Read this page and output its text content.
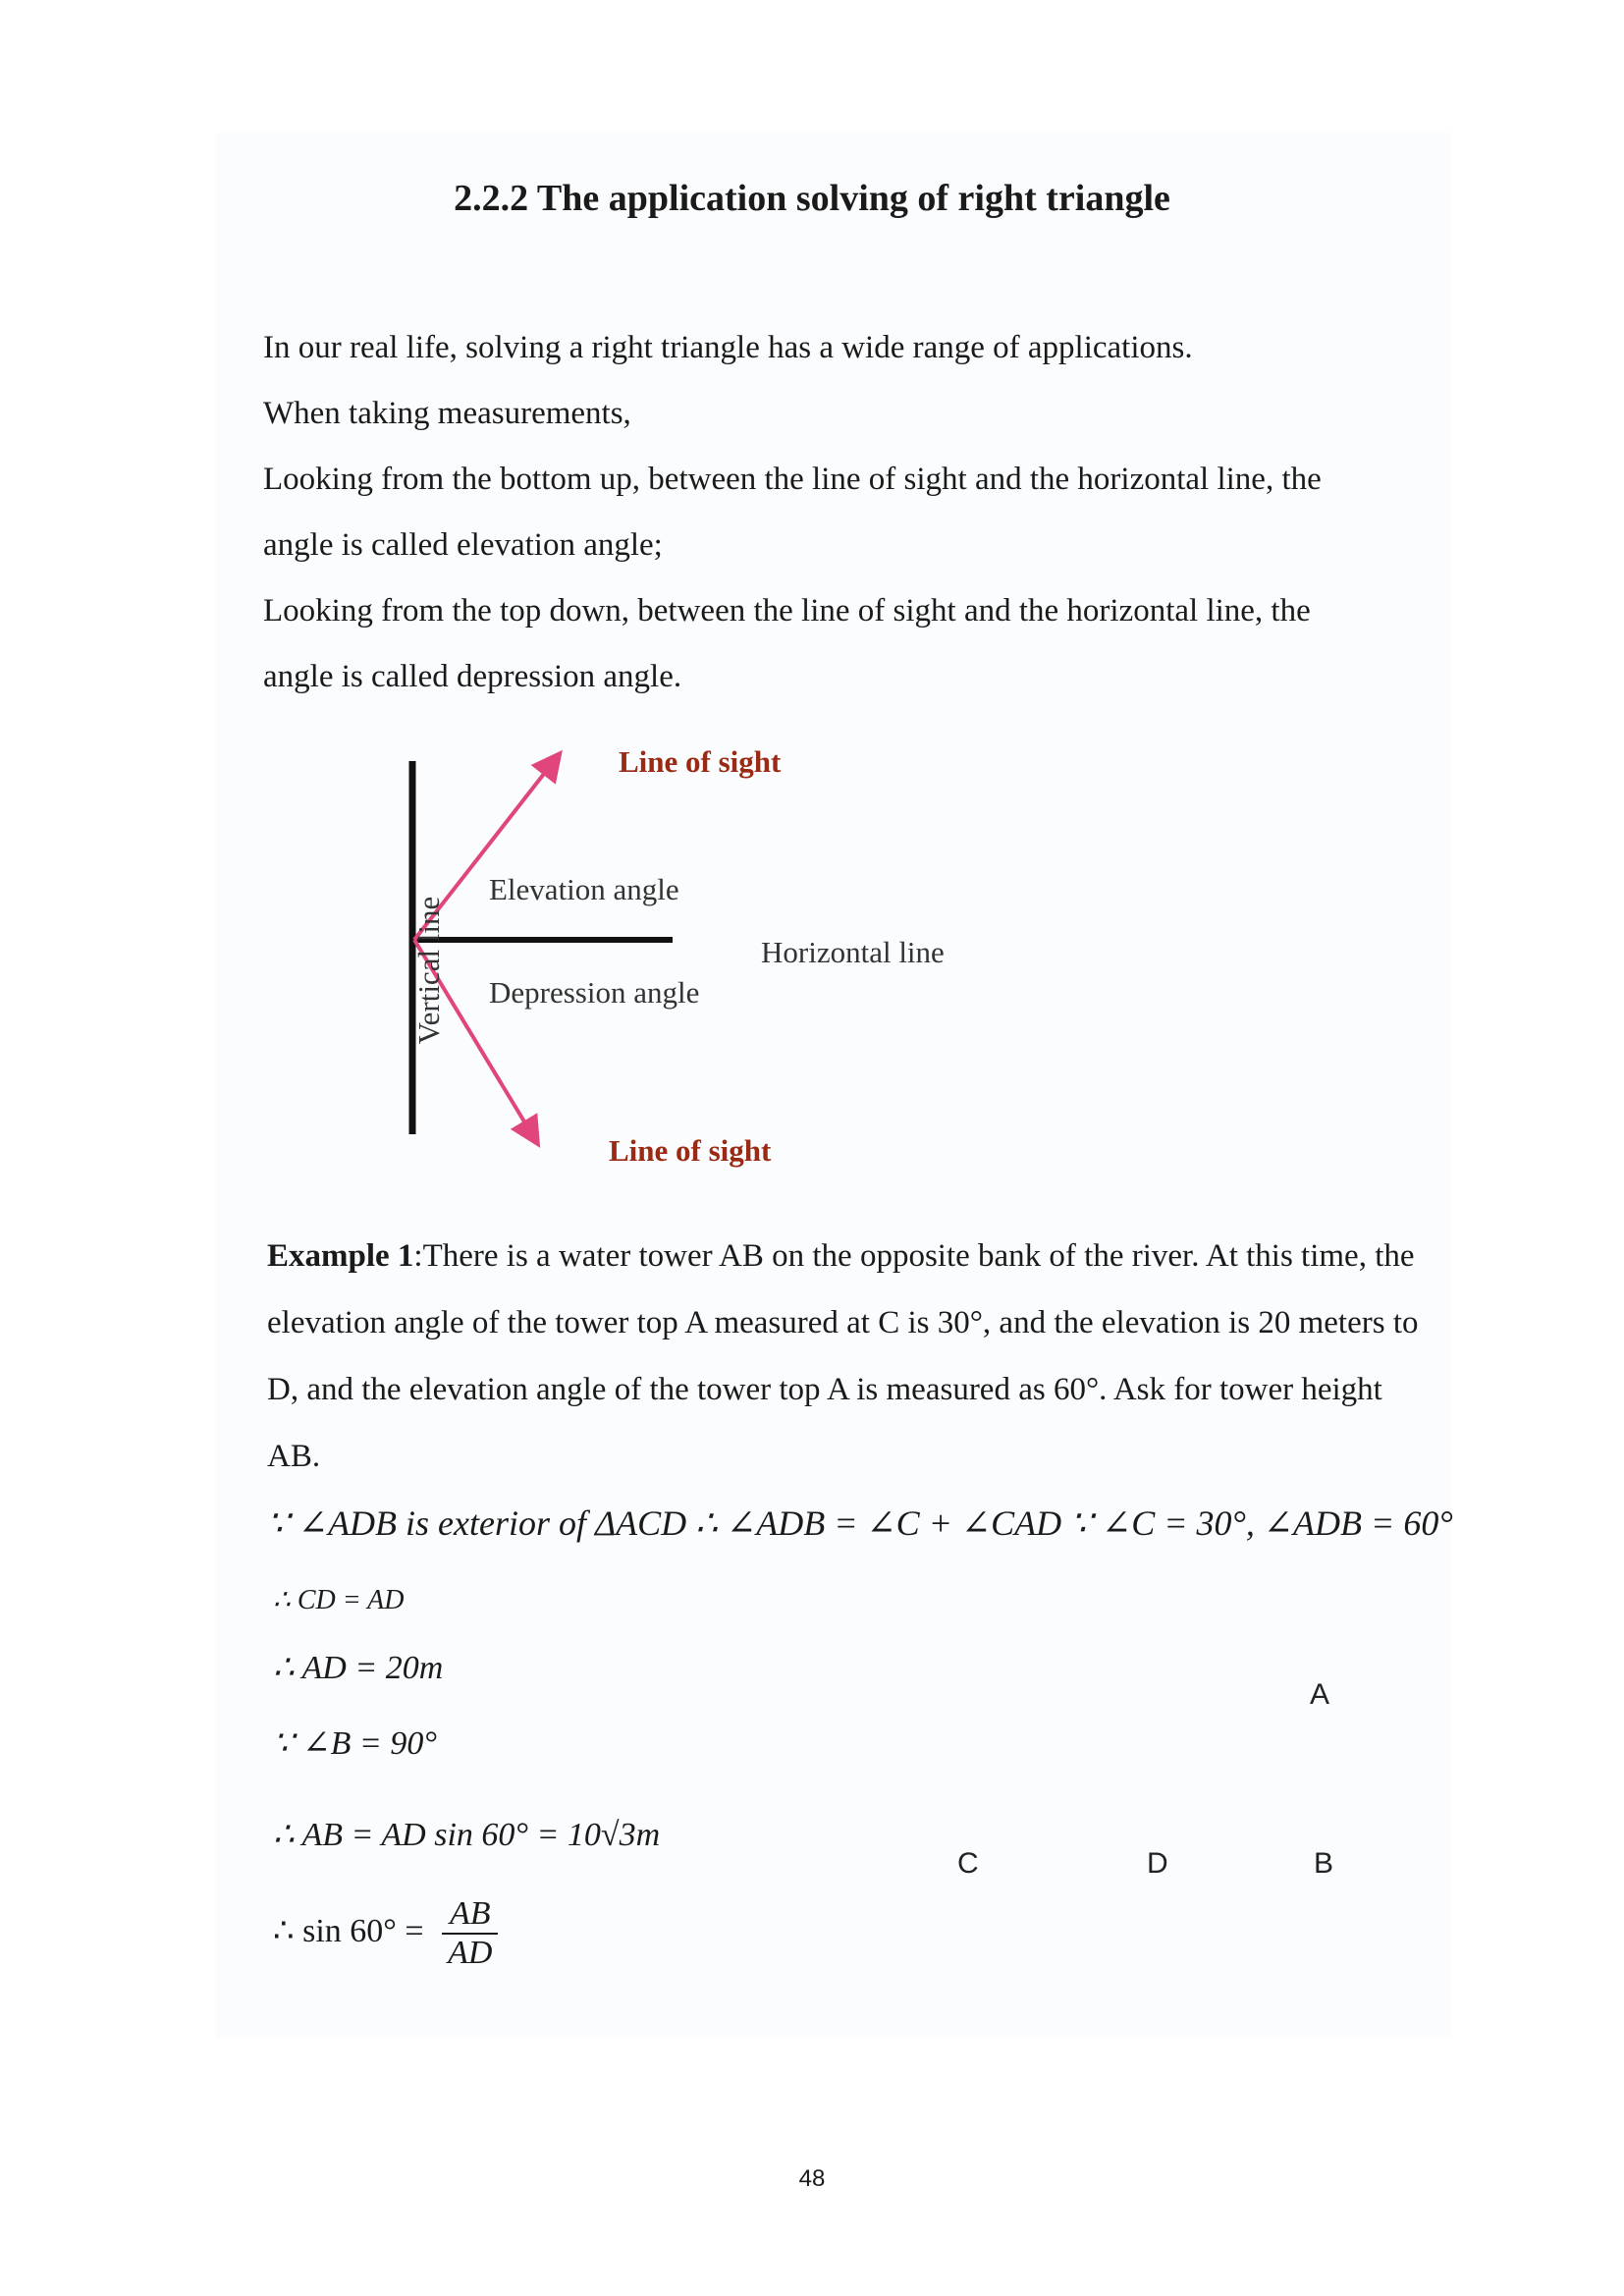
2.2.2 The application solving of right triangle
In our real life, solving a right triangle has a wide range of applications.
When taking measurements,
Looking from the bottom up, between the line of sight and the horizontal line, the
angle is called elevation angle;
Looking from the top down, between the line of sight and the horizontal line, the
angle is called depression angle.
Line of sight
Elevation angle
Horizontal line
Depression angle
Line of sight
Vertical line
Example 1:There is a water tower AB on the opposite bank of the river. At this time, the elevation angle of the tower top A measured at C is 30°, and the elevation is 20 meters to D, and the elevation angle of the tower top A is measured as 60°. Ask for tower height AB.
∵ ∠ADB is exterior of ΔACD ∴ ∠ADB = ∠C + ∠CAD ∵ ∠C = 30°, ∠ADB = 60°
∴ CD = AD
∴ AD = 20m
∵ ∠B = 90°
∴ AB = AD sin 60° = 10√3m
∴ $\sin 60^\circ = \frac{AB}{AD}$
A
C	D	B
48
